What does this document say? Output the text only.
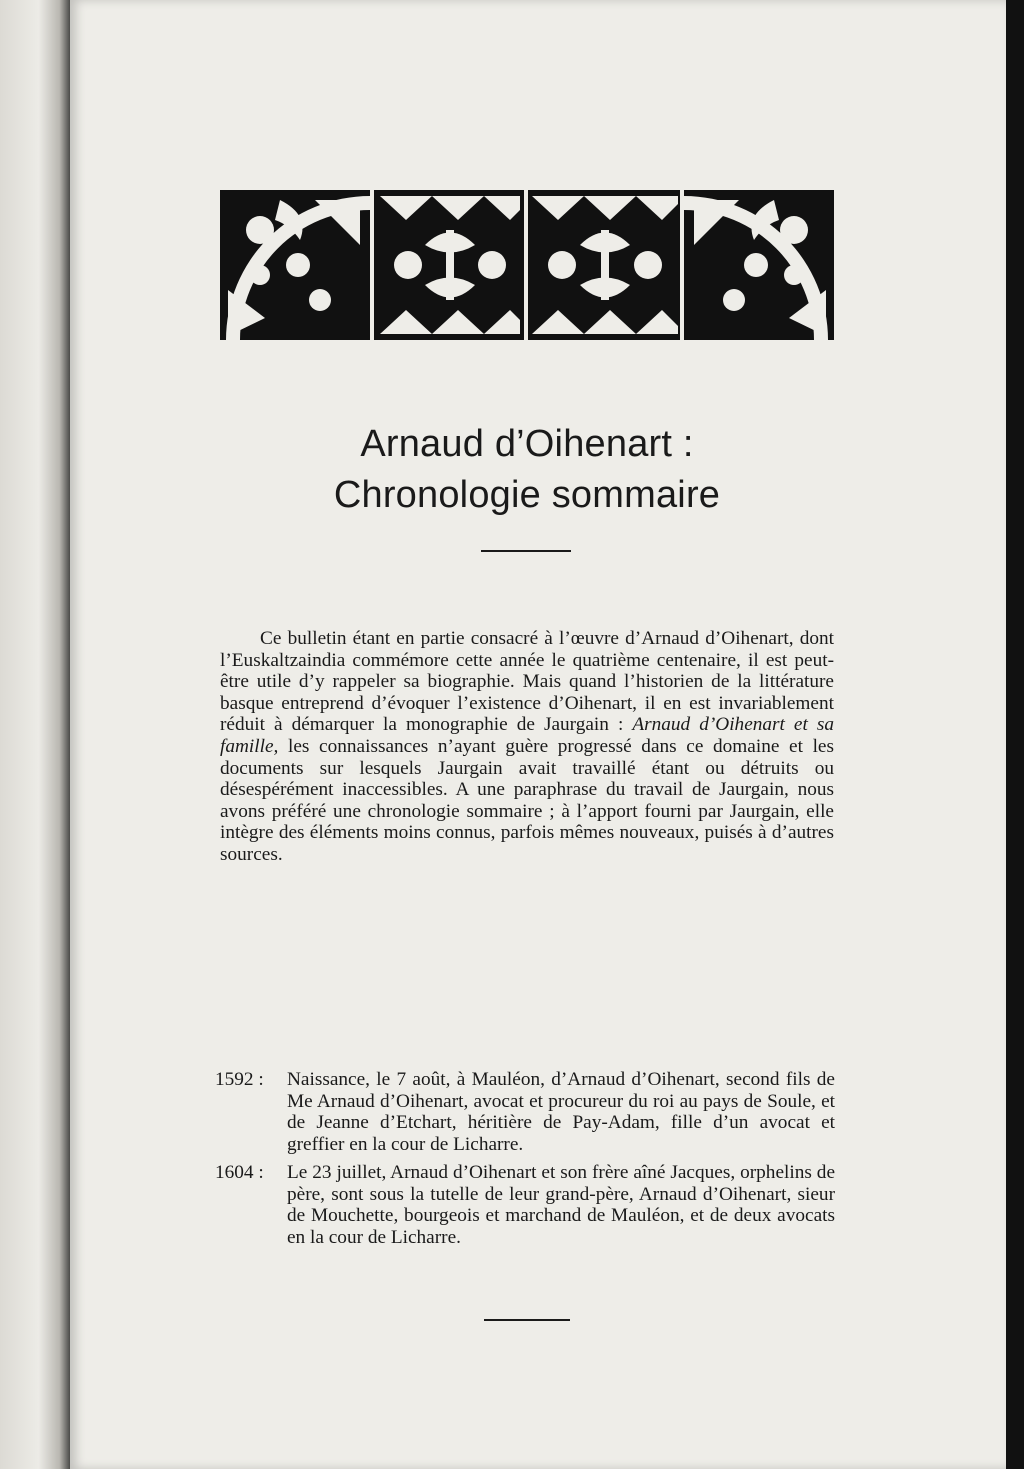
Arnaud d’Oihenart :
Chronologie sommaire

Ce bulletin étant en partie consacré à l’œuvre d’Arnaud d’Oihenart, dont l’Euskaltzaindia commémore cette année le quatrième centenaire, il est peut-être utile d’y rappeler sa biographie. Mais quand l’historien de la littérature basque entreprend d’évoquer l’existence d’Oihenart, il en est invariablement réduit à démarquer la monographie de Jaurgain : Arnaud d’Oihenart et sa famille, les connaissances n’ayant guère progressé dans ce domaine et les documents sur lesquels Jaurgain avait travaillé étant ou détruits ou désespérément inaccessibles. A une paraphrase du travail de Jaurgain, nous avons préféré une chronologie sommaire ; à l’apport fourni par Jaurgain, elle intègre des éléments moins connus, parfois mêmes nouveaux, puisés à d’autres sources.

1592 :	Naissance, le 7 août, à Mauléon, d’Arnaud d’Oihenart, second fils de Me Arnaud d’Oihenart, avocat et procureur du roi au pays de Soule, et de Jeanne d’Etchart, héritière de Pay-Adam, fille d’un avocat et greffier en la cour de Licharre.
1604 :	Le 23 juillet, Arnaud d’Oihenart et son frère aîné Jacques, orphelins de père, sont sous la tutelle de leur grand-père, Arnaud d’Oihenart, sieur de Mouchette, bourgeois et marchand de Mauléon, et de deux avocats en la cour de Licharre.
